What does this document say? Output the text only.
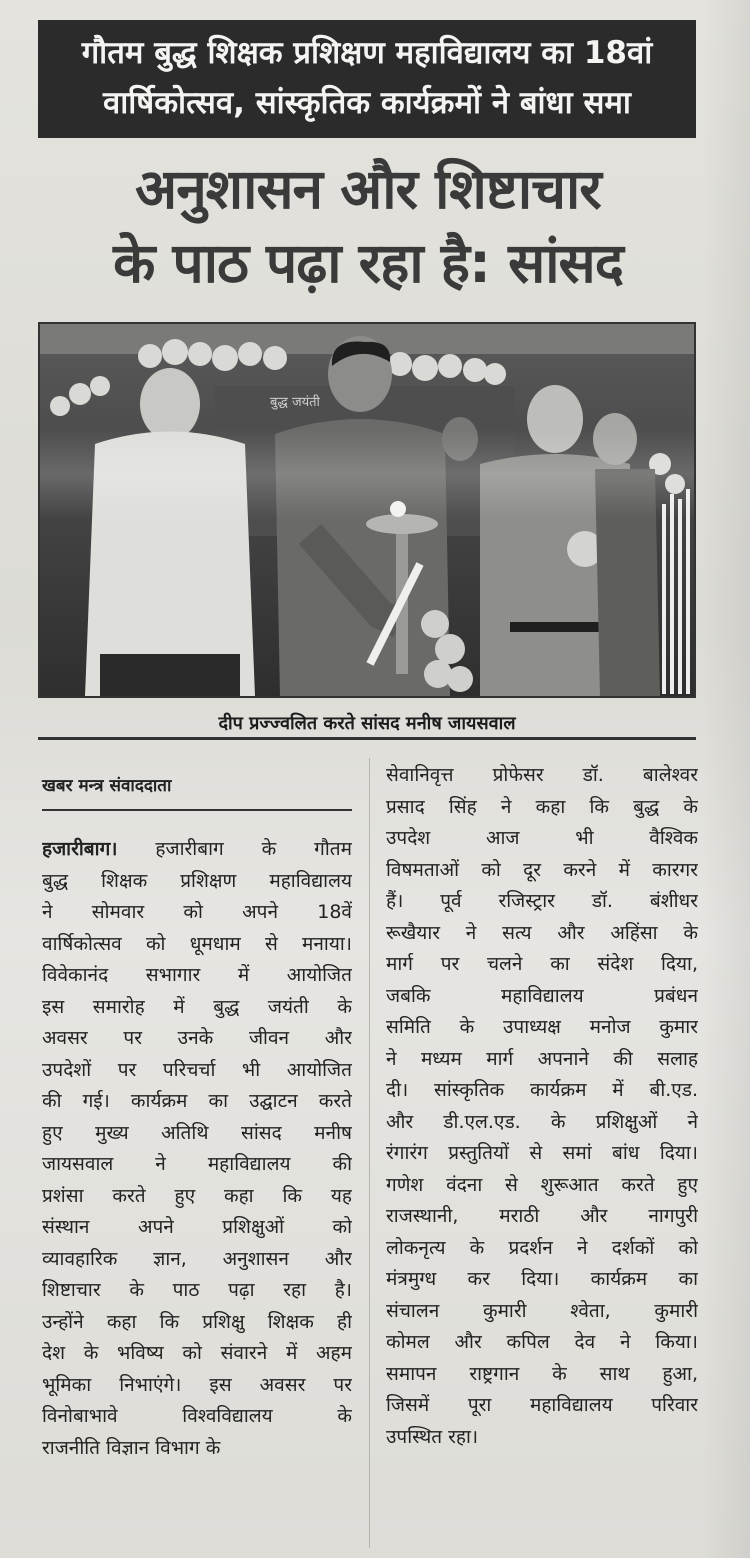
गौतम बुद्ध शिक्षक प्रशिक्षण महाविद्यालय का 18वां
वार्षिकोत्सव, सांस्कृतिक कार्यक्रमों ने बांधा समा
अनुशासन और शिष्टाचार
के पाठ पढ़ा रहा है: सांसद
बुद्ध जयंती
दीप प्रज्ज्वलित करते सांसद मनीष जायसवाल
खबर मन्त्र संवाददाता
हजारीबाग। हजारीबाग के गौतम
बुद्ध शिक्षक प्रशिक्षण महाविद्यालय
ने सोमवार को अपने 18वें
वार्षिकोत्सव को धूमधाम से मनाया।
विवेकानंद सभागार में आयोजित
इस समारोह में बुद्ध जयंती के
अवसर पर उनके जीवन और
उपदेशों पर परिचर्चा भी आयोजित
की गई। कार्यक्रम का उद्घाटन करते
हुए मुख्य अतिथि सांसद मनीष
जायसवाल ने महाविद्यालय की
प्रशंसा करते हुए कहा कि यह
संस्थान अपने प्रशिक्षुओं को
व्यावहारिक ज्ञान, अनुशासन और
शिष्टाचार के पाठ पढ़ा रहा है।
उन्होंने कहा कि प्रशिक्षु शिक्षक ही
देश के भविष्य को संवारने में अहम
भूमिका निभाएंगे। इस अवसर पर
विनोबाभावे विश्वविद्यालय के
राजनीति विज्ञान विभाग के
सेवानिवृत्त प्रोफेसर डॉ. बालेश्वर
प्रसाद सिंह ने कहा कि बुद्ध के
उपदेश आज भी वैश्विक
विषमताओं को दूर करने में कारगर
हैं। पूर्व रजिस्ट्रार डॉ. बंशीधर
रूखैयार ने सत्य और अहिंसा के
मार्ग पर चलने का संदेश दिया,
जबकि महाविद्यालय प्रबंधन
समिति के उपाध्यक्ष मनोज कुमार
ने मध्यम मार्ग अपनाने की सलाह
दी। सांस्कृतिक कार्यक्रम में बी.एड.
और डी.एल.एड. के प्रशिक्षुओं ने
रंगारंग प्रस्तुतियों से समां बांध दिया।
गणेश वंदना से शुरूआत करते हुए
राजस्थानी, मराठी और नागपुरी
लोकनृत्य के प्रदर्शन ने दर्शकों को
मंत्रमुग्ध कर दिया। कार्यक्रम का
संचालन कुमारी श्वेता, कुमारी
कोमल और कपिल देव ने किया।
समापन राष्ट्रगान के साथ हुआ,
जिसमें पूरा महाविद्यालय परिवार
उपस्थित रहा।
